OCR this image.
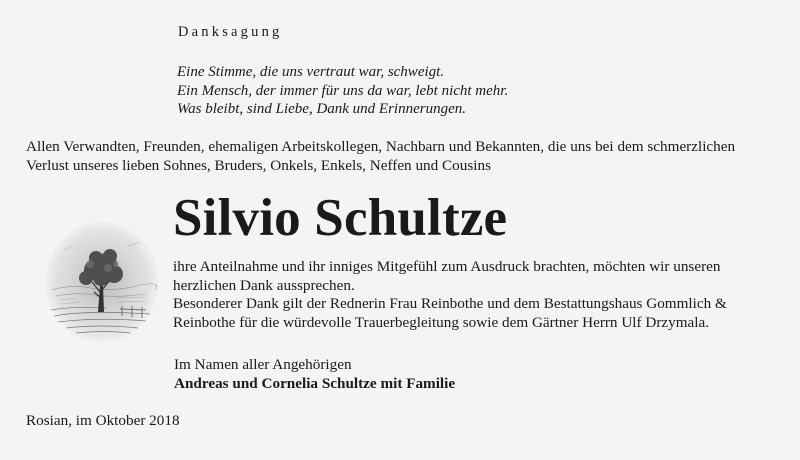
Danksagung
Eine Stimme, die uns vertraut war, schweigt.
Ein Mensch, der immer für uns da war, lebt nicht mehr.
Was bleibt, sind Liebe, Dank und Erinnerungen.
Allen Verwandten, Freunden, ehemaligen Arbeitskollegen, Nachbarn und Bekannten, die uns bei dem schmerzlichen
Verlust unseres lieben Sohnes, Bruders, Onkels, Enkels, Neffen und Cousins
Silvio Schultze
ihre Anteilnahme und ihr inniges Mitgefühl zum Ausdruck brachten, möchten wir unseren
herzlichen Dank aussprechen.
Besonderer Dank gilt der Rednerin Frau Reinbothe und dem Bestattungshaus Gommlich &
Reinbothe für die würdevolle Trauerbegleitung sowie dem Gärtner Herrn Ulf Drzymala.
Im Namen aller Angehörigen
Andreas und Cornelia Schultze mit Familie
Rosian, im Oktober 2018
